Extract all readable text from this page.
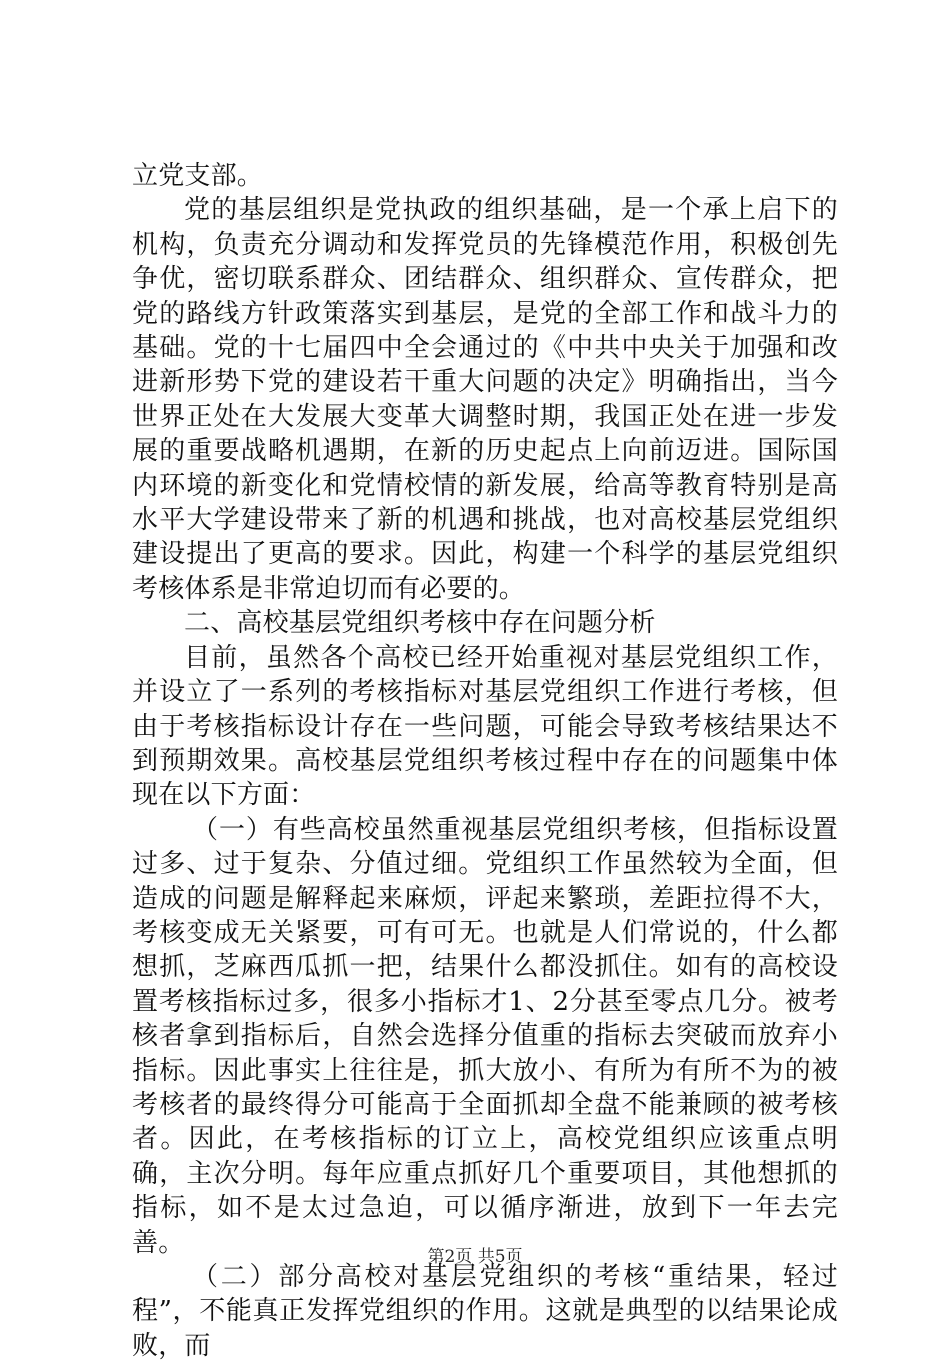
立党支部。

党的基层组织是党执政的组织基础，是一个承上启下的机构，负责充分调动和发挥党员的先锋模范作用，积极创先争优，密切联系群众、团结群众、组织群众、宣传群众，把党的路线方针政策落实到基层，是党的全部工作和战斗力的基础。党的十七届四中全会通过的《中共中央关于加强和改进新形势下党的建设若干重大问题的决定》明确指出，当今世界正处在大发展大变革大调整时期，我国正处在进一步发展的重要战略机遇期，在新的历史起点上向前迈进。国际国内环境的新变化和党情校情的新发展，给高等教育特别是高水平大学建设带来了新的机遇和挑战，也对高校基层党组织建设提出了更高的要求。因此，构建一个科学的基层党组织考核体系是非常迫切而有必要的。

二、高校基层党组织考核中存在问题分析

目前，虽然各个高校已经开始重视对基层党组织工作，并设立了一系列的考核指标对基层党组织工作进行考核，但由于考核指标设计存在一些问题，可能会导致考核结果达不到预期效果。高校基层党组织考核过程中存在的问题集中体现在以下方面：

（一）有些高校虽然重视基层党组织考核，但指标设置过多、过于复杂、分值过细。党组织工作虽然较为全面，但造成的问题是解释起来麻烦，评起来繁琐，差距拉得不大，考核变成无关紧要，可有可无。也就是人们常说的，什么都想抓，芝麻西瓜抓一把，结果什么都没抓住。如有的高校设置考核指标过多，很多小指标才1、2分甚至零点几分。被考核者拿到指标后，自然会选择分值重的指标去突破而放弃小指标。因此事实上往往是，抓大放小、有所为有所不为的被考核者的最终得分可能高于全面抓却全盘不能兼顾的被考核者。因此，在考核指标的订立上，高校党组织应该重点明确，主次分明。每年应重点抓好几个重要项目，其他想抓的指标，如不是太过急迫，可以循序渐进，放到下一年去完善。

（二）部分高校对基层党组织的考核“重结果，轻过程”，不能真正发挥党组织的作用。这就是典型的以结果论成败，而

第2页 共5页
